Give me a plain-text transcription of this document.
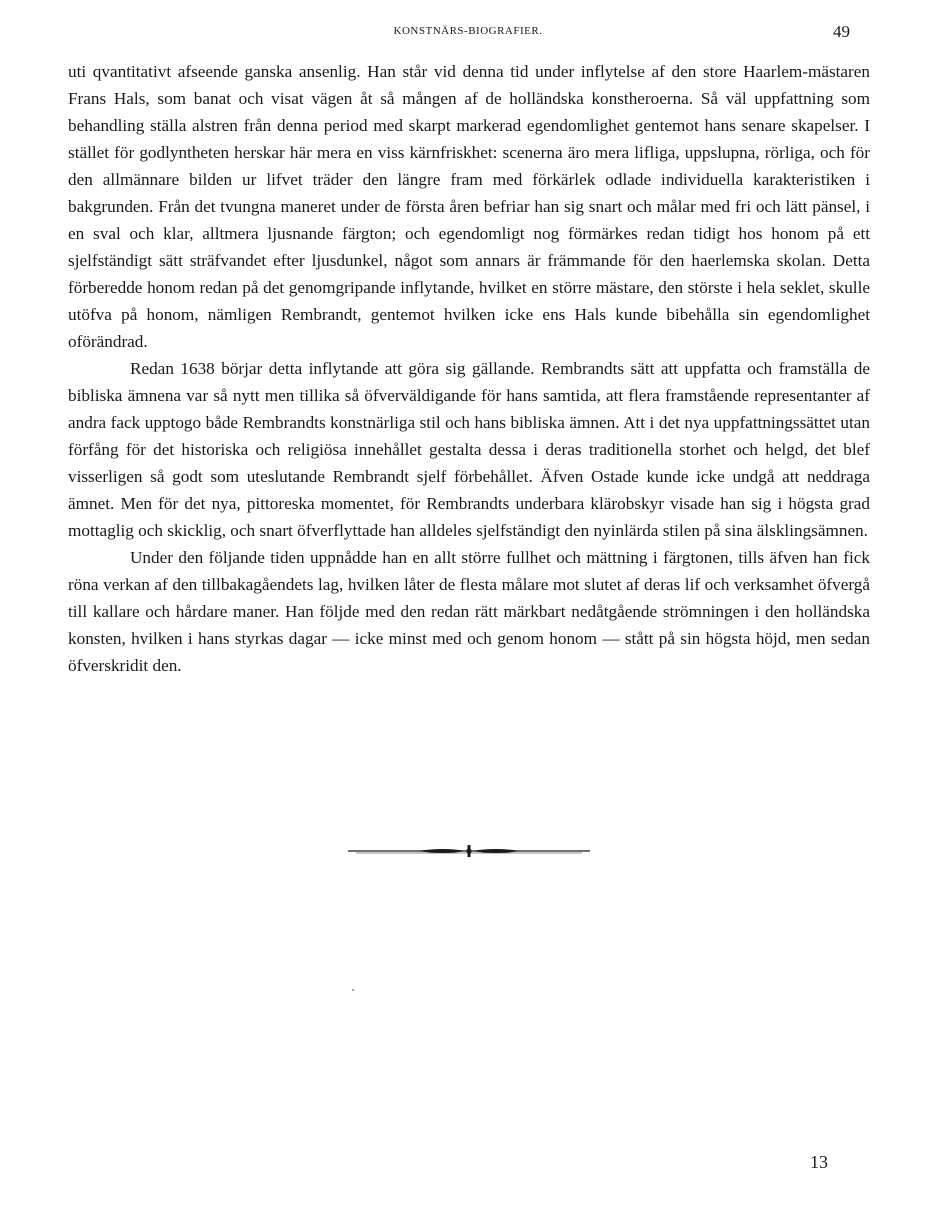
KONSTNÄRS-BIOGRAFIER.	49

uti qvantitativt afseende ganska ansenlig. Han står vid denna tid under inflytelse af den store Haarlem-mästaren Frans Hals, som banat och visat vägen åt så mången af de holländska konstheroerna. Så väl uppfattning som behandling ställa alstren från denna period med skarpt markerad egendomlighet gentemot hans senare skapelser. I stället för godlyntheten herskar här mera en viss kärnfriskhet: scenerna äro mera lifliga, uppslupna, rörliga, och för den allmännare bilden ur lifvet träder den längre fram med förkärlek odlade individuella karakteristiken i bakgrunden. Från det tvungna maneret under de första åren befriar han sig snart och målar med fri och lätt pänsel, i en sval och klar, alltmera ljusnande färgton; och egendomligt nog förmärkes redan tidigt hos honom på ett sjelfständigt sätt sträfvandet efter ljusdunkel, något som annars är främmande för den haerlemska skolan. Detta förberedde honom redan på det genomgripande inflytande, hvilket en större mästare, den störste i hela seklet, skulle utöfva på honom, nämligen Rembrandt, gentemot hvilken icke ens Hals kunde bibehålla sin egendomlighet oförändrad.

Redan 1638 börjar detta inflytande att göra sig gällande. Rembrandts sätt att uppfatta och framställa de bibliska ämnena var så nytt men tillika så öfverväldigande för hans samtida, att flera framstående representanter af andra fack upptogo både Rembrandts konstnärliga stil och hans bibliska ämnen. Att i det nya uppfattningssättet utan förfång för det historiska och religiösa innehållet gestalta dessa i deras traditionella storhet och helgd, det blef visserligen så godt som uteslutande Rembrandt sjelf förbehållet. Äfven Ostade kunde icke undgå att neddraga ämnet. Men för det nya, pittoreska momentet, för Rembrandts underbara klärobskyr visade han sig i högsta grad mottaglig och skicklig, och snart öfverflyttade han alldeles sjelfständigt den nyinlärda stilen på sina älsklingsämnen.

Under den följande tiden uppnådde han en allt större fullhet och mättning i färgtonen, tills äfven han fick röna verkan af den tillbakagåendets lag, hvilken låter de flesta målare mot slutet af deras lif och verksamhet öfvergå till kallare och hårdare maner. Han följde med den redan rätt märkbart nedåtgående strömningen i den holländska konsten, hvilken i hans styrkas dagar — icke minst med och genom honom — stått på sin högsta höjd, men sedan öfverskridit den.

13
